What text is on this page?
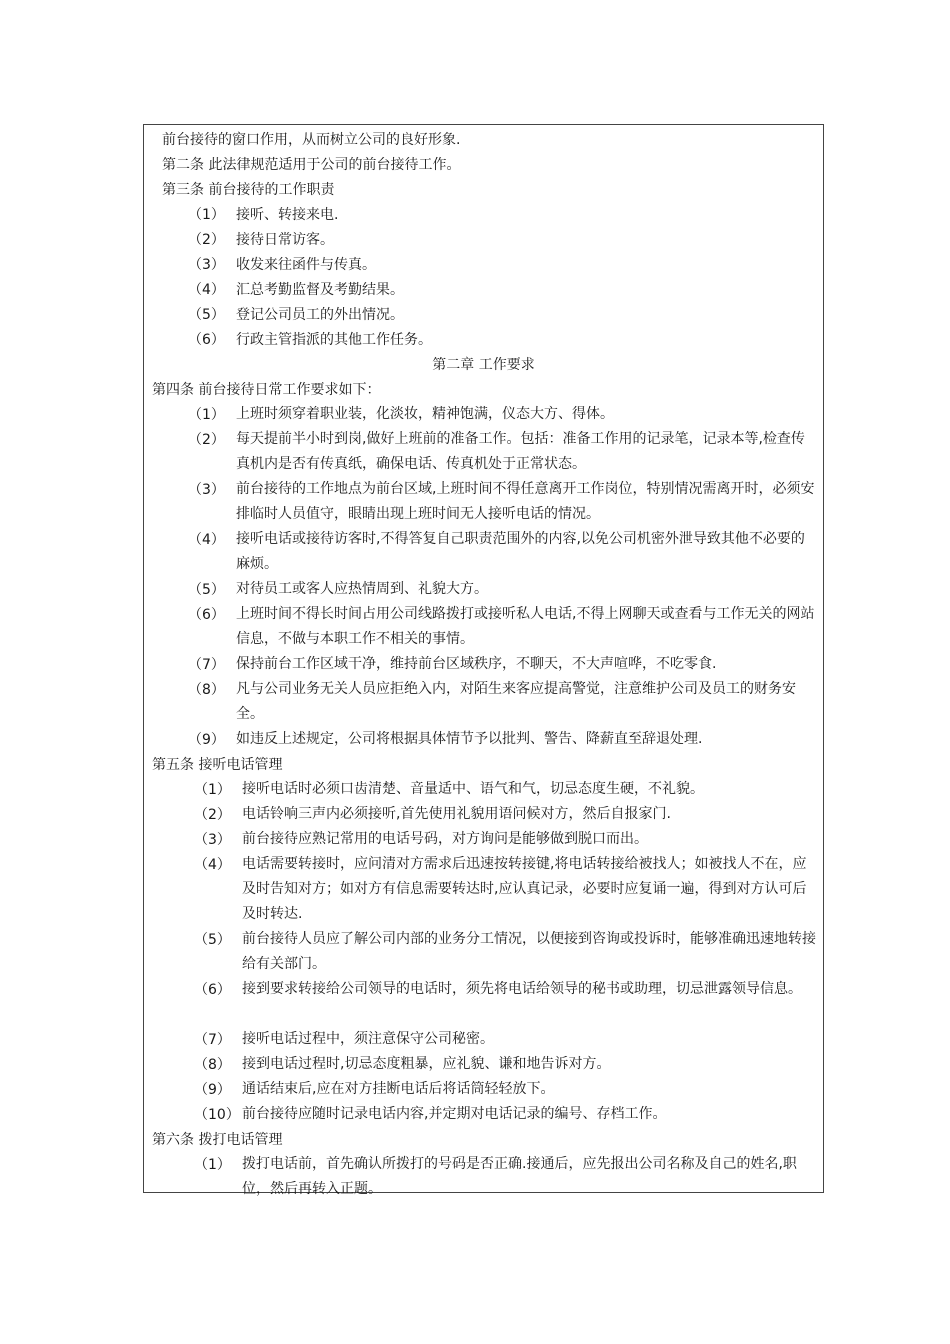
前台接待的窗口作用，从而树立公司的良好形象.
第二条 此法律规范适用于公司的前台接待工作。
第三条 前台接待的工作职责
（1） 接听、转接来电.
（2） 接待日常访客。
（3） 收发来往函件与传真。
（4） 汇总考勤监督及考勤结果。
（5） 登记公司员工的外出情况。
（6） 行政主管指派的其他工作任务。
第二章 工作要求
第四条 前台接待日常工作要求如下：
（1） 上班时须穿着职业装，化淡妆，精神饱满，仪态大方、得体。
（2） 每天提前半小时到岗,做好上班前的准备工作。包括：准备工作用的记录笔，记录本等,检查传真机内是否有传真纸，确保电话、传真机处于正常状态。
（3） 前台接待的工作地点为前台区域,上班时间不得任意离开工作岗位，特别情况需离开时，必须安排临时人员值守，眼睛出现上班时间无人接听电话的情况。
（4） 接听电话或接待访客时,不得答复自己职责范围外的内容,以免公司机密外泄导致其他不必要的麻烦。
（5） 对待员工或客人应热情周到、礼貌大方。
（6） 上班时间不得长时间占用公司线路拨打或接听私人电话,不得上网聊天或查看与工作无关的网站信息，不做与本职工作不相关的事情。
（7） 保持前台工作区域干净，维持前台区域秩序，不聊天，不大声喧哗，不吃零食.
（8） 凡与公司业务无关人员应拒绝入内，对陌生来客应提高警觉，注意维护公司及员工的财务安全。
（9） 如违反上述规定，公司将根据具体情节予以批判、警告、降薪直至辞退处理.
第五条 接听电话管理
（1） 接听电话时必须口齿清楚、音量适中、语气和气，切忌态度生硬，不礼貌。
（2） 电话铃响三声内必须接听,首先使用礼貌用语问候对方，然后自报家门.
（3） 前台接待应熟记常用的电话号码，对方询问是能够做到脱口而出。
（4） 电话需要转接时，应问清对方需求后迅速按转接键,将电话转接给被找人；如被找人不在，应及时告知对方；如对方有信息需要转达时,应认真记录，必要时应复诵一遍，得到对方认可后及时转达.
（5） 前台接待人员应了解公司内部的业务分工情况，以便接到咨询或投诉时，能够准确迅速地转接给有关部门。
（6） 接到要求转接给公司领导的电话时，须先将电话给领导的秘书或助理，切忌泄露领导信息。
（7） 接听电话过程中，须注意保守公司秘密。
（8） 接到电话过程时,切忌态度粗暴，应礼貌、谦和地告诉对方。
（9） 通话结束后,应在对方挂断电话后将话筒轻轻放下。
（10） 前台接待应随时记录电话内容,并定期对电话记录的编号、存档工作。
第六条 拨打电话管理
（1） 拨打电话前，首先确认所拨打的号码是否正确.接通后，应先报出公司名称及自己的姓名,职位，然后再转入正题。
